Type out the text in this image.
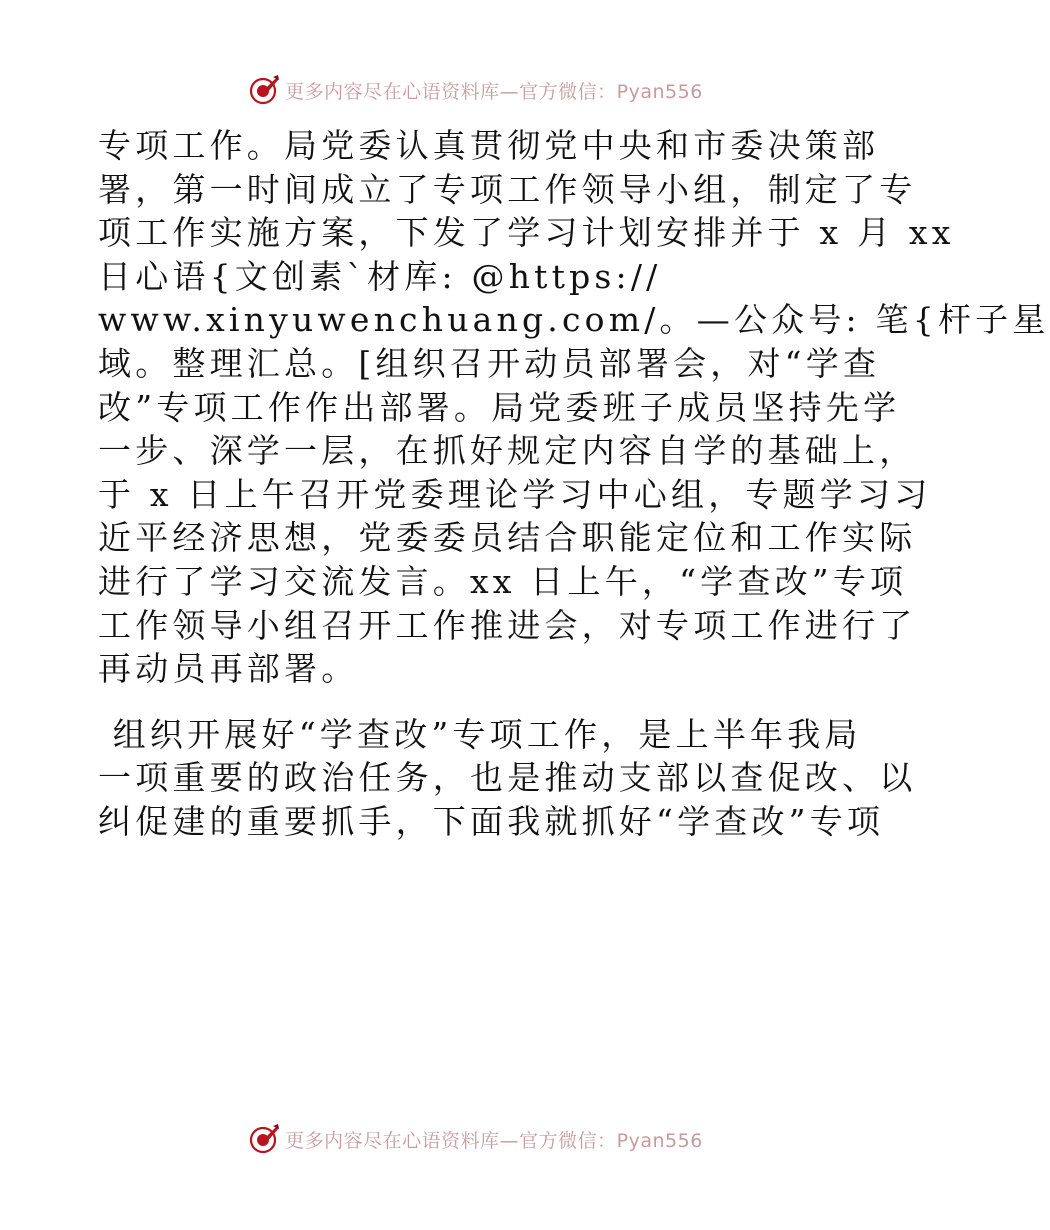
更多内容尽在心语资料库—官方微信：Pyan556
专项工作。局党委认真贯彻党中央和市委决策部
署，第一时间成立了专项工作领导小组，制定了专
项工作实施方案，下发了学习计划安排并于 x 月 xx
日心语{文创素`材库: @https://
www.xinyuwenchuang.com/。—公众号: 笔{杆子星
域。整理汇总。[组织召开动员部署会，对“学查
改”专项工作作出部署。局党委班子成员坚持先学
一步、深学一层，在抓好规定内容自学的基础上，
于 x 日上午召开党委理论学习中心组，专题学习习
近平经济思想，党委委员结合职能定位和工作实际
进行了学习交流发言。xx 日上午，“学查改”专项
工作领导小组召开工作推进会，对专项工作进行了
再动员再部署。
组织开展好“学查改”专项工作，是上半年我局
一项重要的政治任务，也是推动支部以查促改、以
纠促建的重要抓手，下面我就抓好“学查改”专项
更多内容尽在心语资料库—官方微信：Pyan556
